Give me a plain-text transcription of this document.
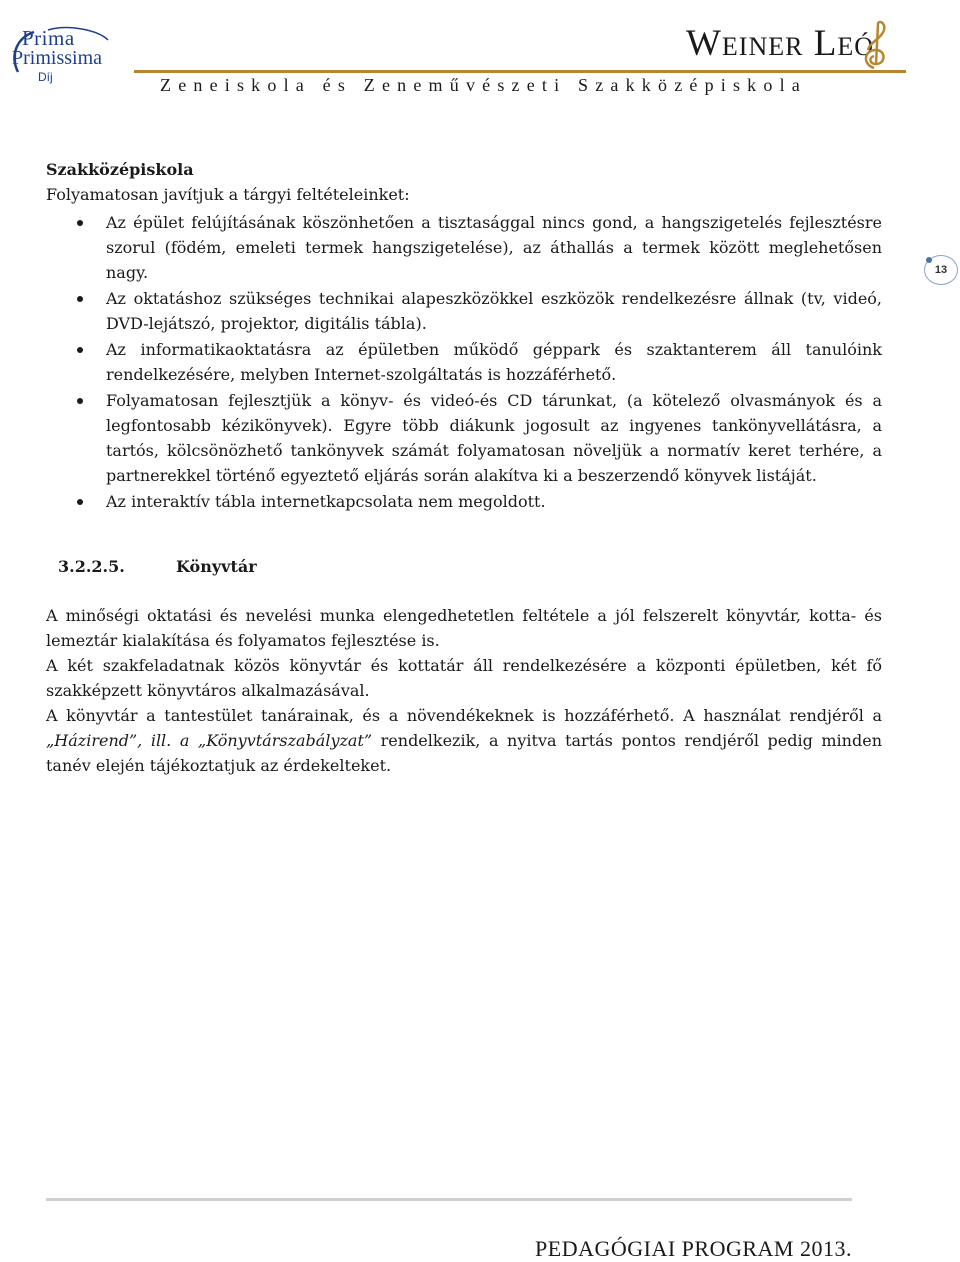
Prima
Primissima
Díj
Weiner Leó
Zeneiskola és Zeneművészeti Szakközépiskola
13

Szakközépiskola

Folyamatosan javítjuk a tárgyi feltételeinket:

Az épület felújításának köszönhetően a tisztasággal nincs gond, a hangszigetelés fejlesztésre szorul (födém, emeleti termek hangszigetelése), az áthallás a termek között meglehetősen nagy.
Az oktatáshoz szükséges technikai alapeszközökkel eszközök rendelkezésre állnak (tv, videó, DVD-lejátszó, projektor, digitális tábla).
Az informatikaoktatásra az épületben működő géppark és szaktanterem áll tanulóink rendelkezésére, melyben Internet-szolgáltatás is hozzáférhető.
Folyamatosan fejlesztjük a könyv- és videó-és CD tárunkat, (a kötelező olvasmányok és a legfontosabb kézikönyvek). Egyre több diákunk jogosult az ingyenes tankönyvellátásra, a tartós, kölcsönözhető tankönyvek számát folyamatosan növeljük a normatív keret terhére, a partnerekkel történő egyeztető eljárás során alakítva ki a beszerzendő könyvek listáját.
Az interaktív tábla internetkapcsolata nem megoldott.
3.2.2.5.	Könyvtár

A minőségi oktatási és nevelési munka elengedhetetlen feltétele a jól felszerelt könyvtár, kotta- és lemeztár kialakítása és folyamatos fejlesztése is.

A két szakfeladatnak közös könyvtár és kottatár áll rendelkezésére a központi épületben, két fő szakképzett könyvtáros alkalmazásával.

A könyvtár a tantestület tanárainak, és a növendékeknek is hozzáférhető. A használat rendjéről a „Házirend”, ill. a „Könyvtárszabályzat” rendelkezik, a nyitva tartás pontos rendjéről pedig minden tanév elején tájékoztatjuk az érdekelteket.

PEDAGÓGIAI PROGRAM 2013.
